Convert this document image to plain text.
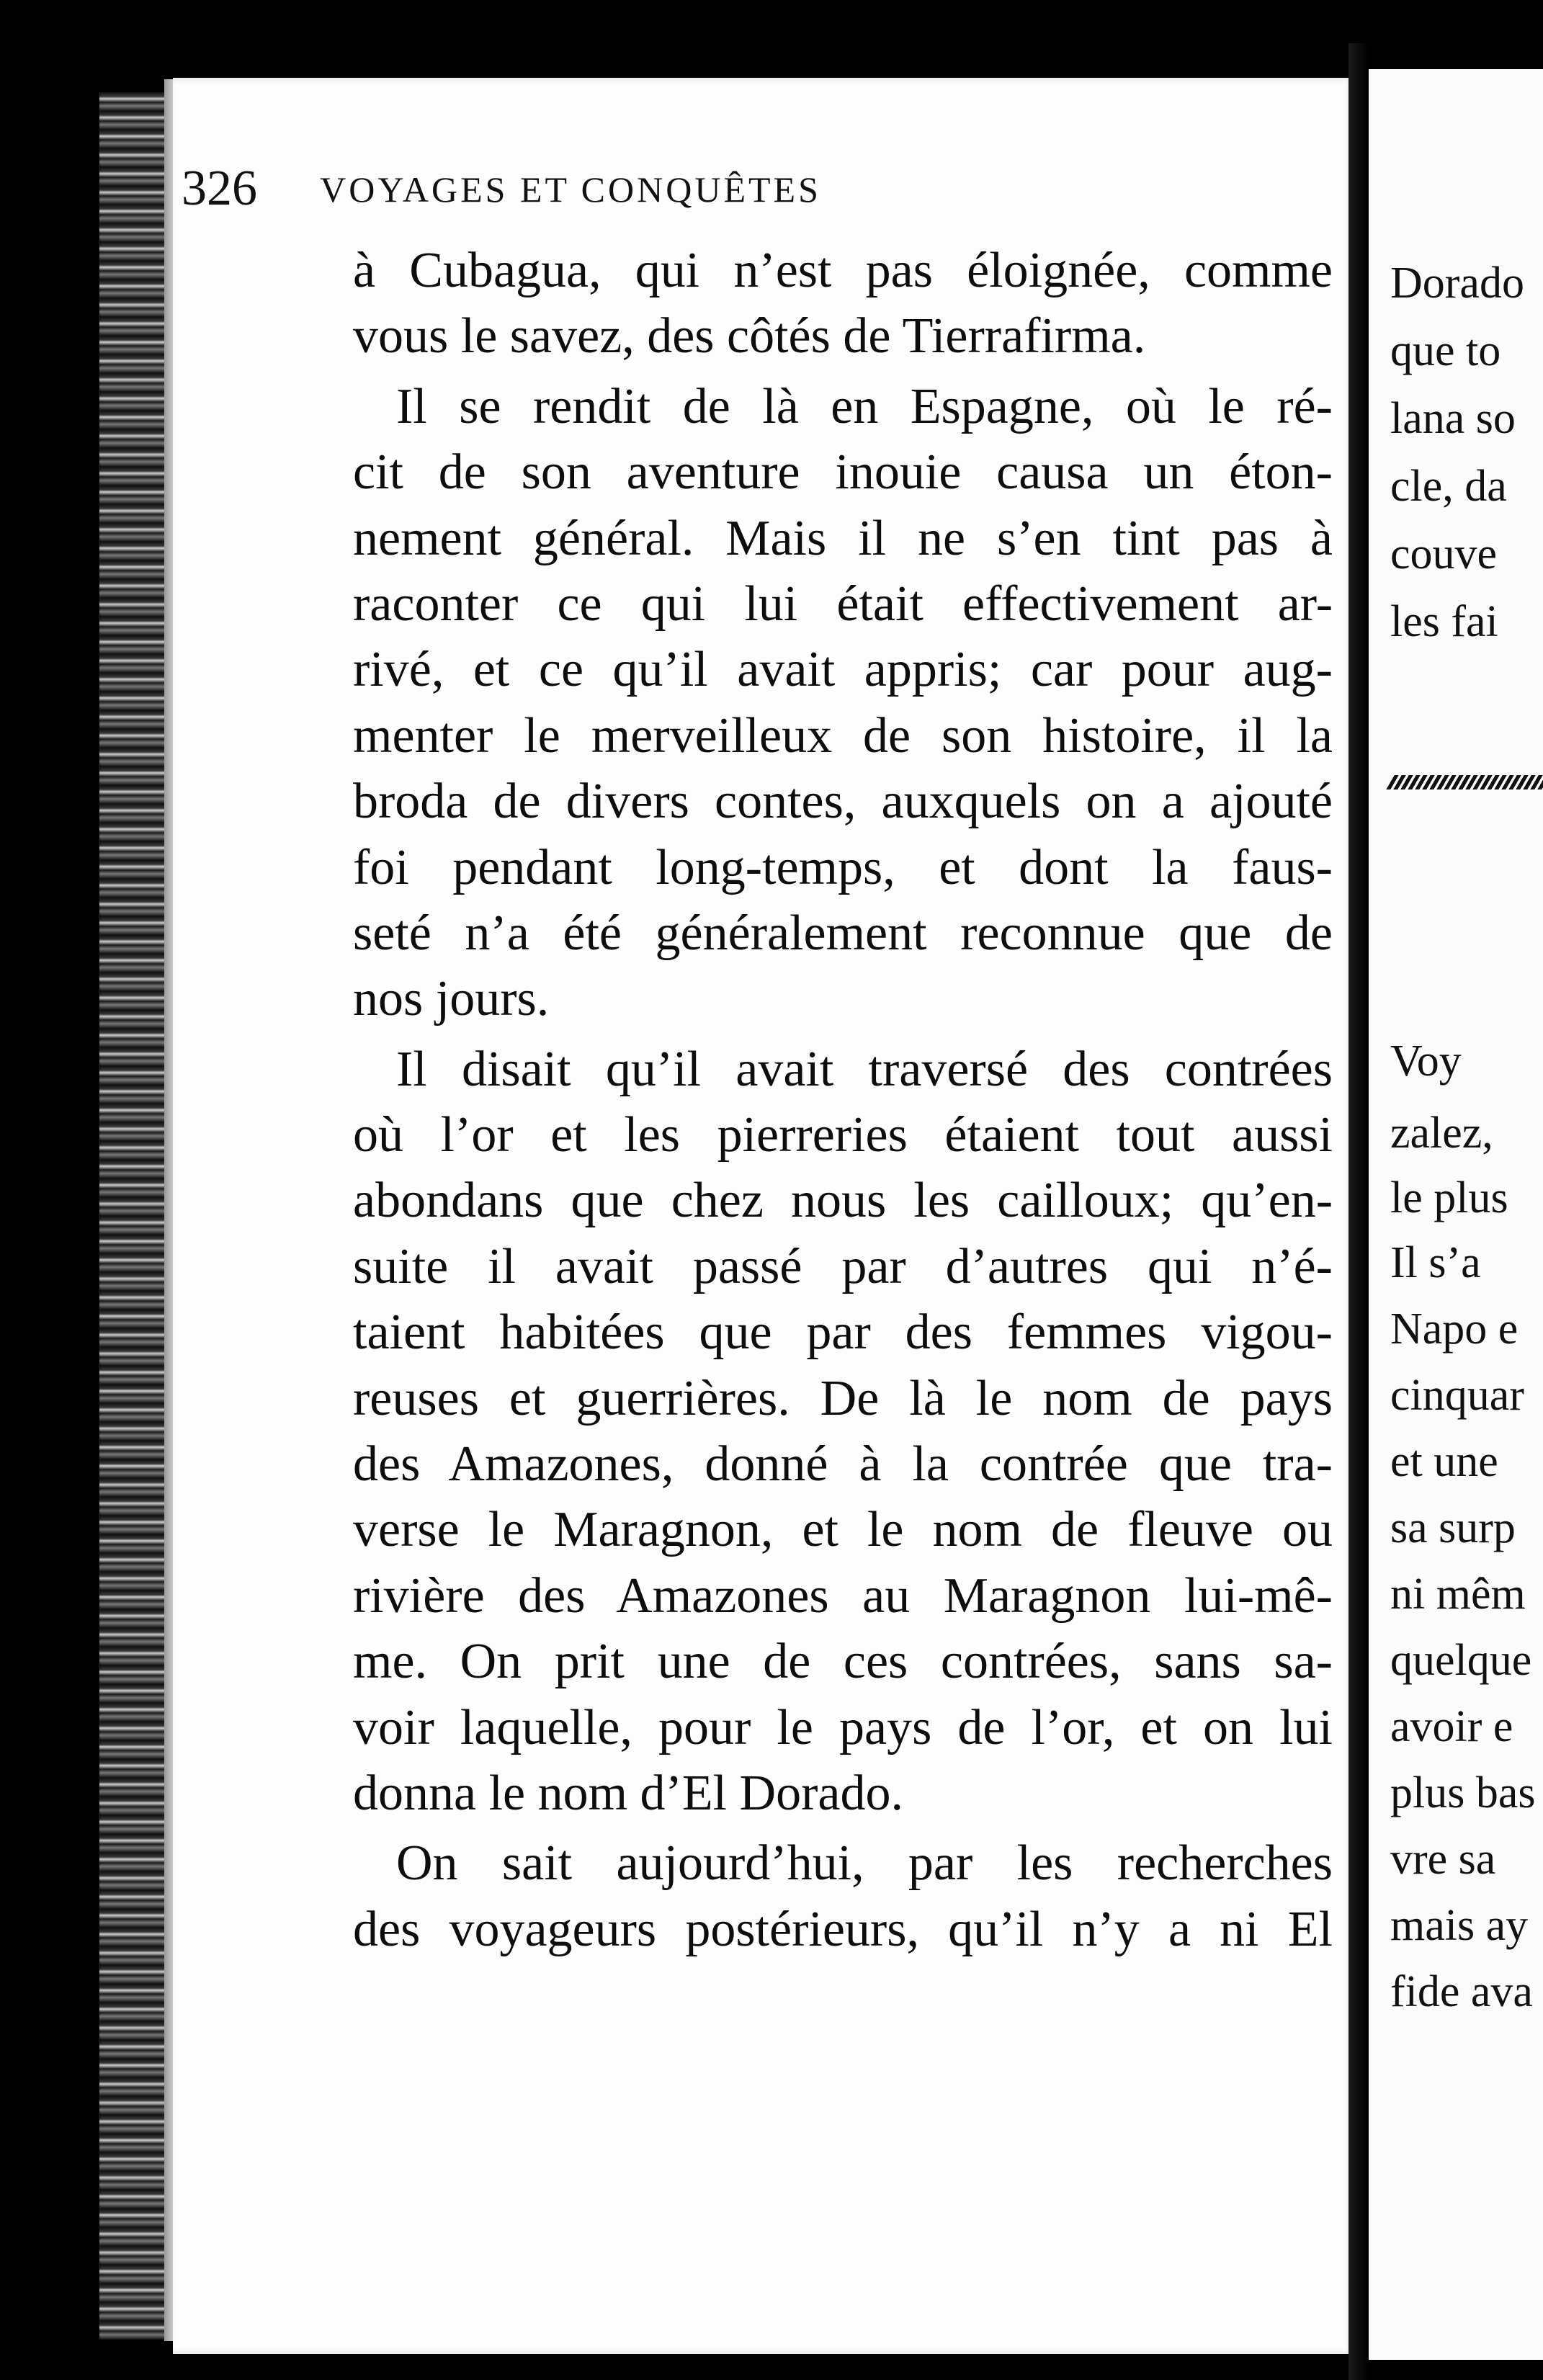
326 VOYAGES ET CONQUÊTES
à Cubagua, qui n’est pas éloignée, comme
vous le savez, des côtés de Tierrafirma.
Il se rendit de là en Espagne, où le ré-
cit de son aventure inouie causa un éton-
nement général. Mais il ne s’en tint pas à
raconter ce qui lui était effectivement ar-
rivé, et ce qu’il avait appris; car pour aug-
menter le merveilleux de son histoire, il la
broda de divers contes, auxquels on a ajouté
foi pendant long-temps, et dont la faus-
seté n’a été généralement reconnue que de
nos jours.
Il disait qu’il avait traversé des contrées
où l’or et les pierreries étaient tout aussi
abondans que chez nous les cailloux; qu’en-
suite il avait passé par d’autres qui n’é-
taient habitées que par des femmes vigou-
reuses et guerrières. De là le nom de pays
des Amazones, donné à la contrée que tra-
verse le Maragnon, et le nom de fleuve ou
rivière des Amazones au Maragnon lui-mê-
me. On prit une de ces contrées, sans sa-
voir laquelle, pour le pays de l’or, et on lui
donna le nom d’El Dorado.
On sait aujourd’hui, par les recherches
des voyageurs postérieurs, qu’il n’y a ni El
Dorado
que to
lana so
cle, da
couve
les fai
Voy
zalez,
le plus
Il s’a
Napo e
cinquar
et une
sa surp
ni mêm
quelque
avoir e
plus bas
vre sa
mais ay
fide ava
